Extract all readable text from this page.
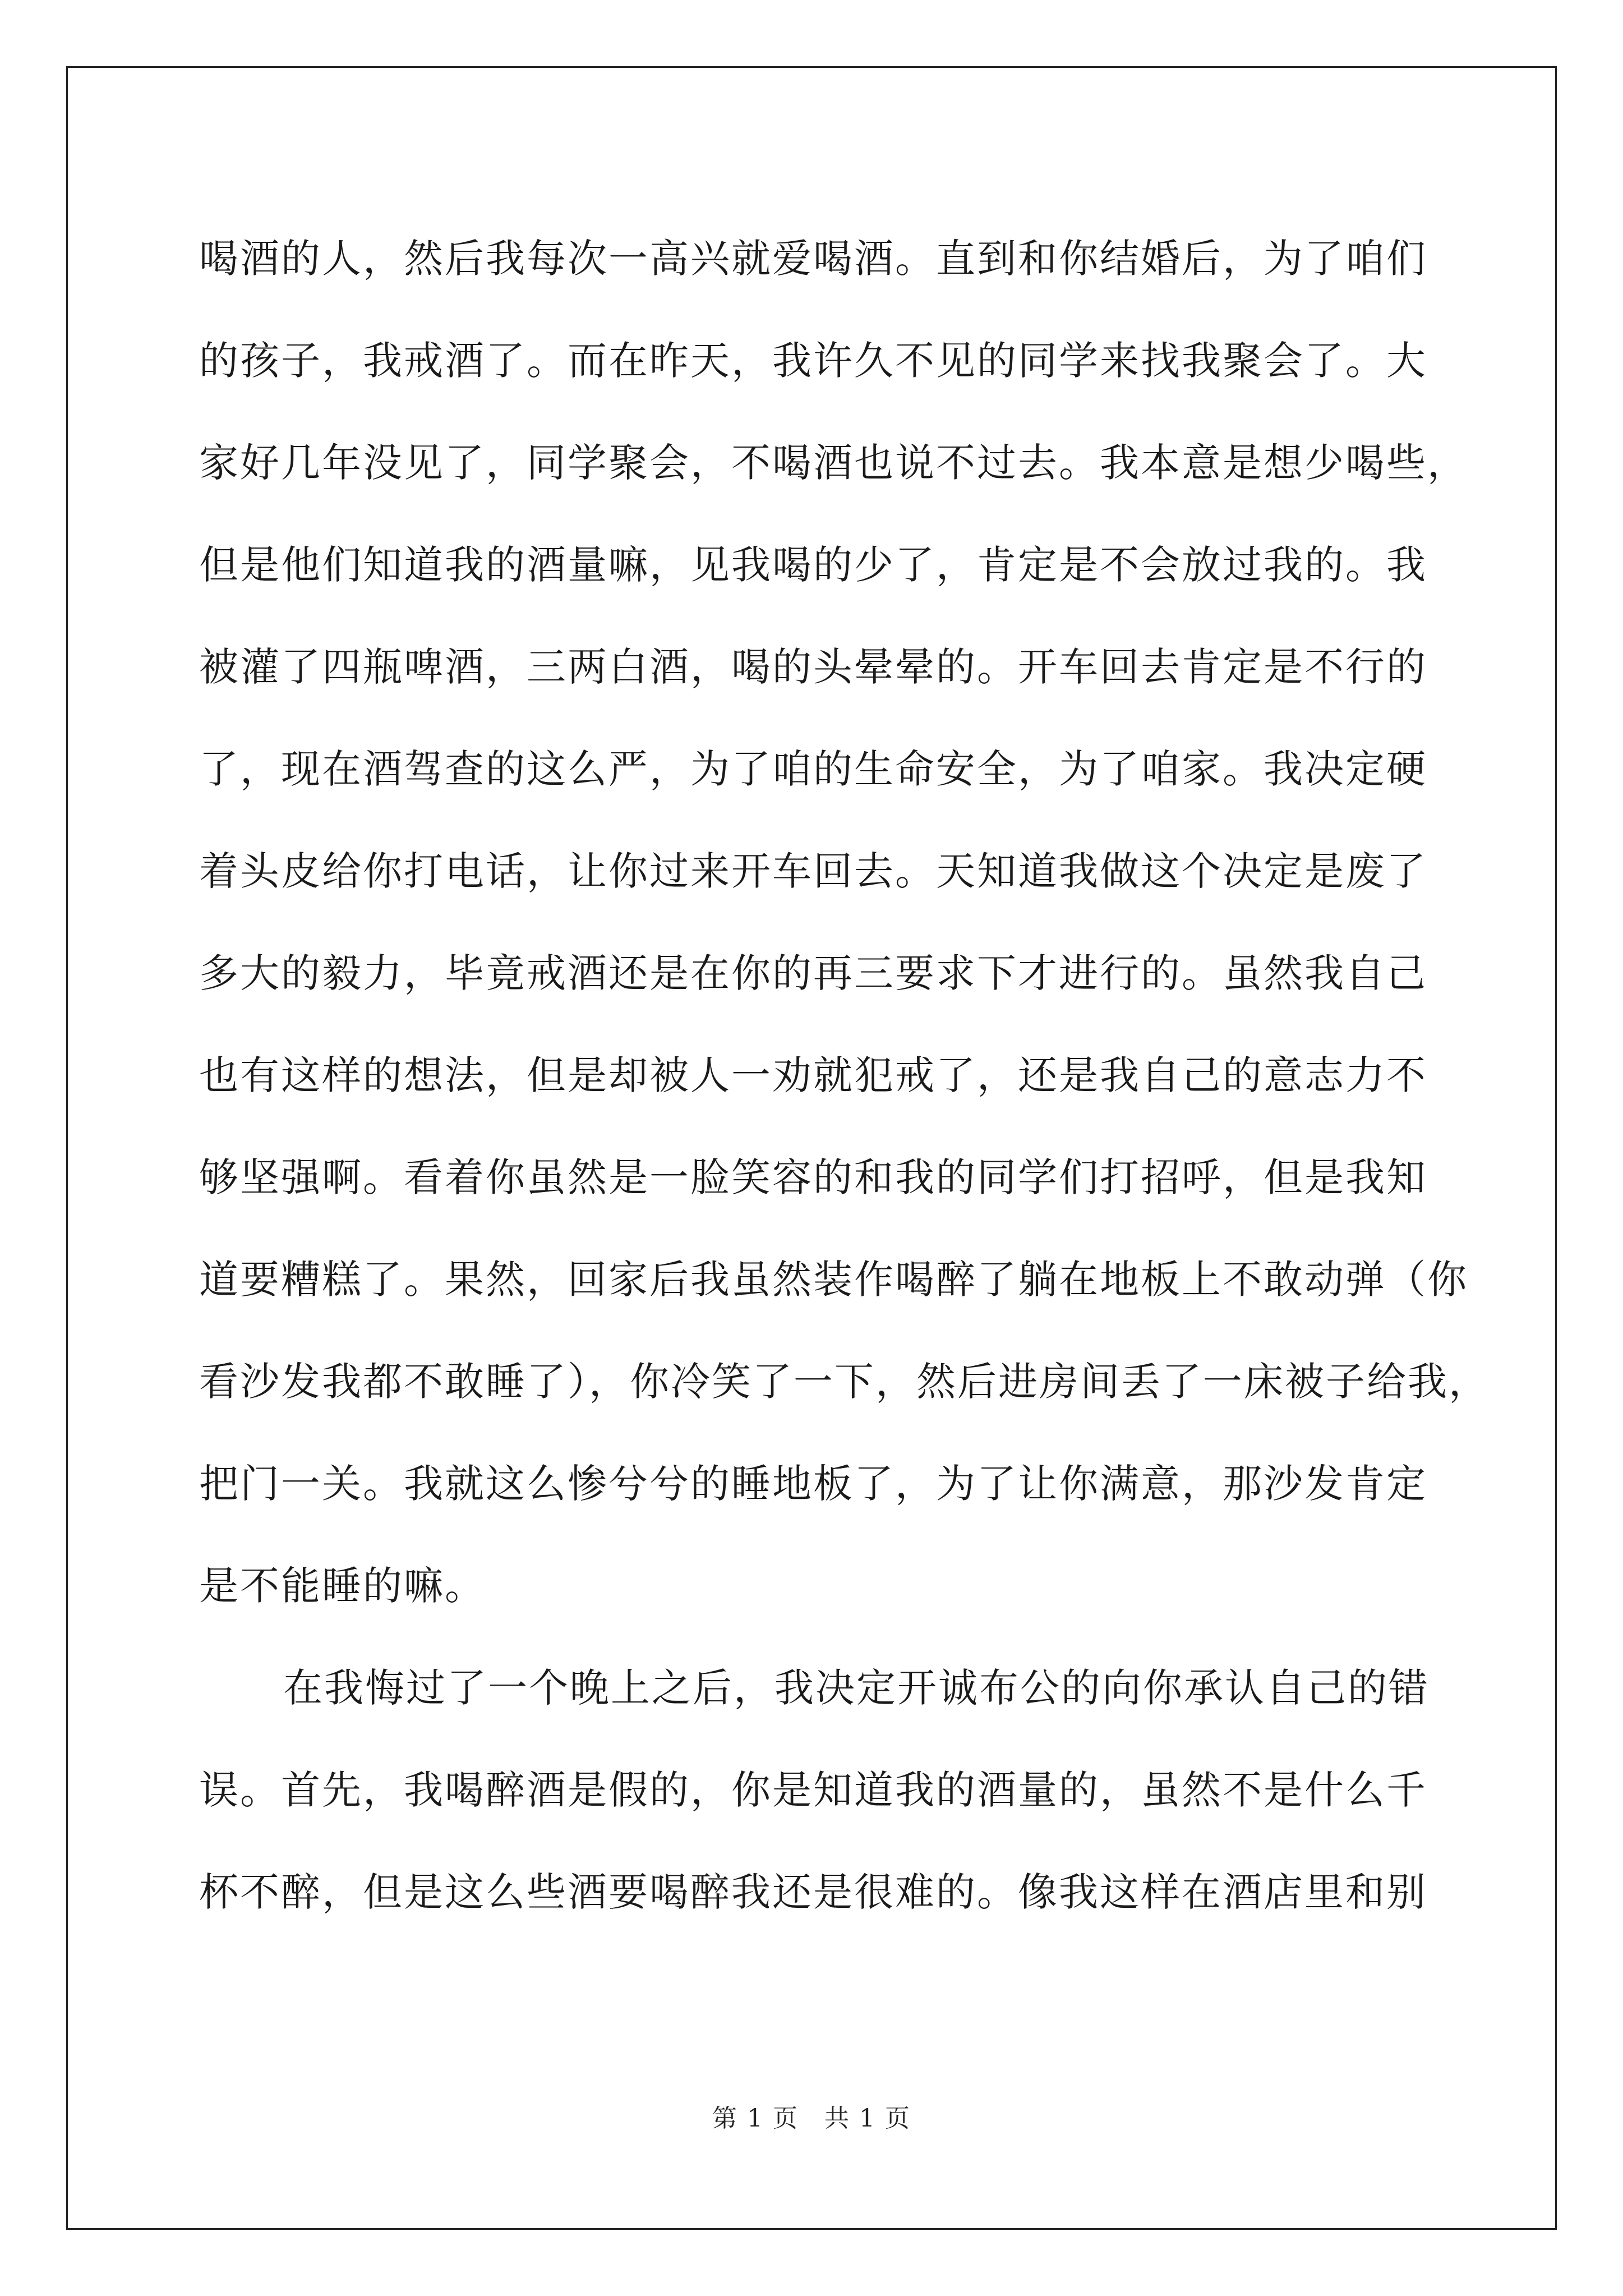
喝酒的人，然后我每次一高兴就爱喝酒。直到和你结婚后，为了咱们
的孩子，我戒酒了。而在昨天，我许久不见的同学来找我聚会了。大
家好几年没见了，同学聚会，不喝酒也说不过去。我本意是想少喝些，
但是他们知道我的酒量嘛，见我喝的少了，肯定是不会放过我的。我
被灌了四瓶啤酒，三两白酒，喝的头晕晕的。开车回去肯定是不行的
了，现在酒驾查的这么严，为了咱的生命安全，为了咱家。我决定硬
着头皮给你打电话，让你过来开车回去。天知道我做这个决定是废了
多大的毅力，毕竟戒酒还是在你的再三要求下才进行的。虽然我自己
也有这样的想法，但是却被人一劝就犯戒了，还是我自己的意志力不
够坚强啊。看着你虽然是一脸笑容的和我的同学们打招呼，但是我知
道要糟糕了。果然，回家后我虽然装作喝醉了躺在地板上不敢动弹（你
看沙发我都不敢睡了），你冷笑了一下，然后进房间丢了一床被子给我，
把门一关。我就这么惨兮兮的睡地板了，为了让你满意，那沙发肯定
是不能睡的嘛。
在我悔过了一个晚上之后，我决定开诚布公的向你承认自己的错
误。首先，我喝醉酒是假的，你是知道我的酒量的，虽然不是什么千
杯不醉，但是这么些酒要喝醉我还是很难的。像我这样在酒店里和别
第 1 页　共 1 页
